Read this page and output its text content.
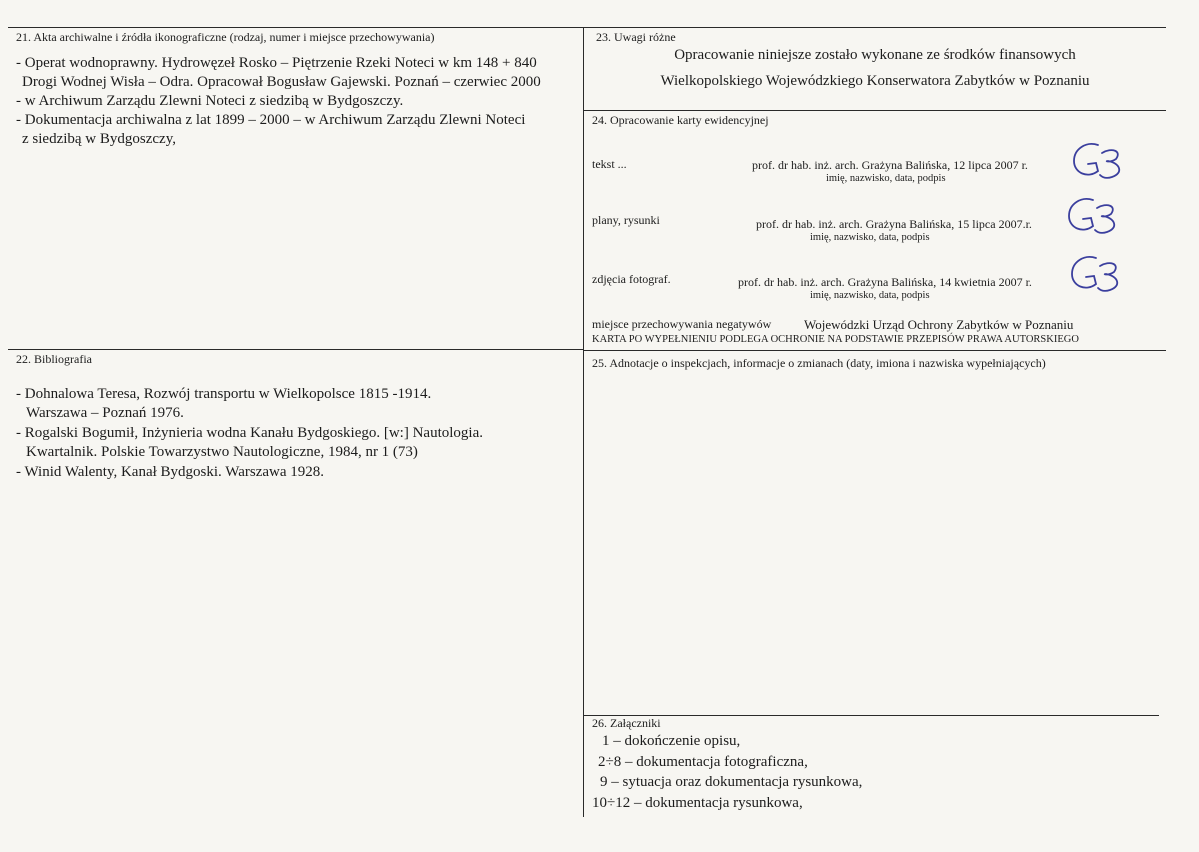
21. Akta archiwalne i źródła ikonograficzne (rodzaj, numer i miejsce przechowywania)
- Operat wodnoprawny. Hydrowęzeł Rosko – Piętrzenie Rzeki Noteci w km 148 + 840
Drogi Wodnej Wisła – Odra. Opracował Bogusław Gajewski. Poznań – czerwiec 2000
- w Archiwum Zarządu Zlewni Noteci z siedzibą w Bydgoszczy.
- Dokumentacja archiwalna z lat 1899 – 2000 – w Archiwum Zarządu Zlewni Noteci
z siedzibą w Bydgoszczy,
22. Bibliografia
- Dohnalowa Teresa, Rozwój transportu w Wielkopolsce 1815 -1914.
Warszawa – Poznań 1976.
- Rogalski Bogumił, Inżynieria wodna Kanału Bydgoskiego. [w:] Nautologia.
Kwartalnik. Polskie Towarzystwo Nautologiczne, 1984, nr 1 (73)
- Winid Walenty, Kanał Bydgoski. Warszawa 1928.
23. Uwagi różne
Opracowanie niniejsze zostało wykonane ze środków finansowych
Wielkopolskiego Wojewódzkiego Konserwatora Zabytków w Poznaniu
24. Opracowanie karty ewidencyjnej
tekst ...	prof. dr hab. inż. arch. Grażyna Balińska, 12 lipca 2007 r.
imię, nazwisko, data, podpis
plany, rysunki	prof. dr hab. inż. arch. Grażyna Balińska, 15 lipca 2007.r.
imię, nazwisko, data, podpis
zdjęcia fotograf.	prof. dr hab. inż. arch. Grażyna Balińska, 14 kwietnia 2007 r.
imię, nazwisko, data, podpis
miejsce przechowywania negatywów	Wojewódzki Urząd Ochrony Zabytków w Poznaniu
KARTA PO WYPEŁNIENIU PODLEGA OCHRONIE NA PODSTAWIE PRZEPISÓW PRAWA AUTORSKIEGO
25. Adnotacje o inspekcjach, informacje o zmianach (daty, imiona i nazwiska wypełniających)
26. Załączniki
1 – dokończenie opisu,
2÷8 – dokumentacja fotograficzna,
9 – sytuacja oraz dokumentacja rysunkowa,
10÷12 – dokumentacja rysunkowa,
